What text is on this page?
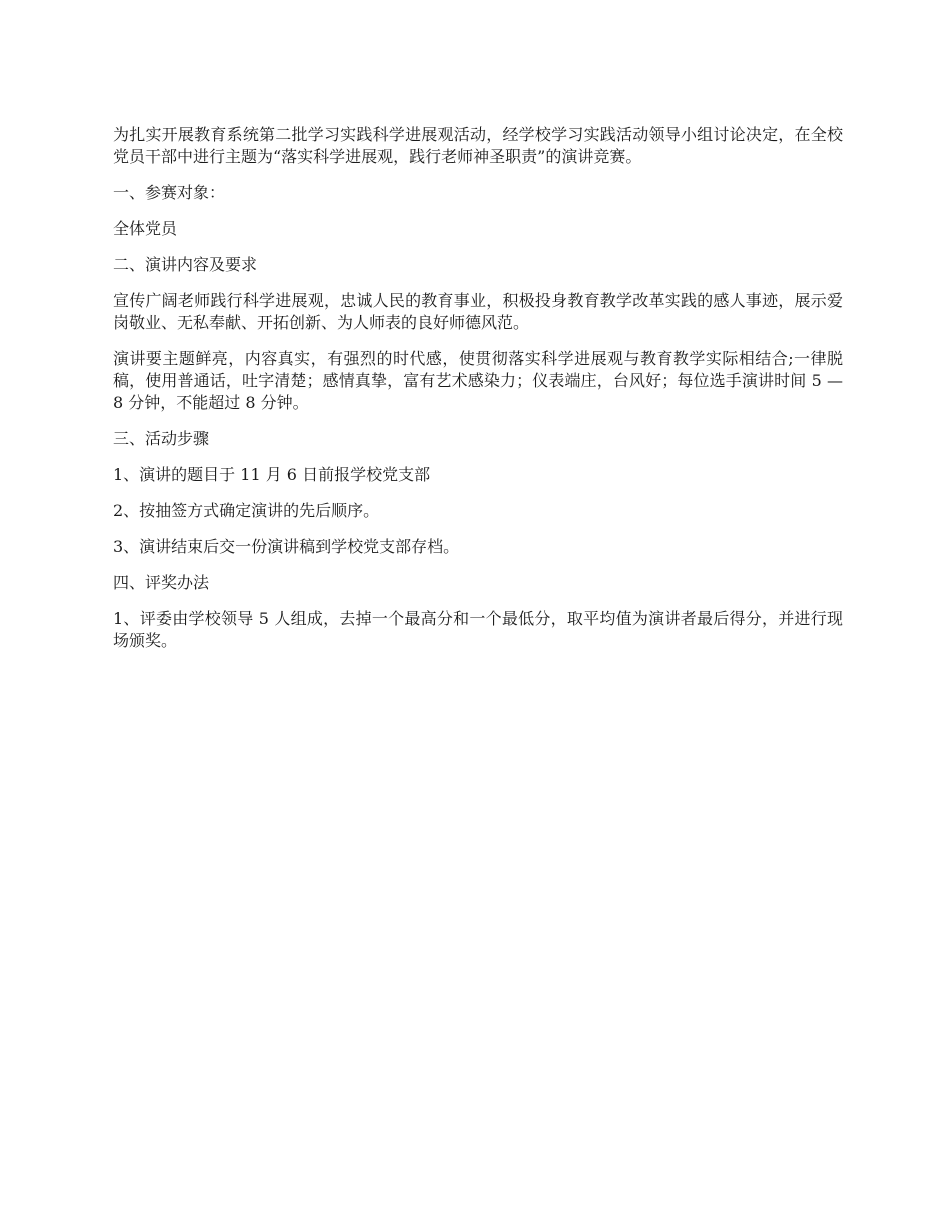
为扎实开展教育系统第二批学习实践科学进展观活动，经学校学习实践活动领导小组讨论决定，在全校党员干部中进行主题为“落实科学进展观，践行老师神圣职责”的演讲竞赛。

一、参赛对象：

全体党员

二、演讲内容及要求

宣传广阔老师践行科学进展观，忠诚人民的教育事业，积极投身教育教学改革实践的感人事迹，展示爱岗敬业、无私奉献、开拓创新、为人师表的良好师德风范。

演讲要主题鲜亮，内容真实，有强烈的时代感，使贯彻落实科学进展观与教育教学实际相结合;一律脱稿，使用普通话，吐字清楚；感情真挚，富有艺术感染力；仪表端庄，台风好；每位选手演讲时间 5 — 8 分钟，不能超过 8 分钟。

三、活动步骤

1、演讲的题目于 11 月 6 日前报学校党支部

2、按抽签方式确定演讲的先后顺序。

3、演讲结束后交一份演讲稿到学校党支部存档。

四、评奖办法

1、评委由学校领导 5 人组成，去掉一个最高分和一个最低分，取平均值为演讲者最后得分，并进行现场颁奖。
